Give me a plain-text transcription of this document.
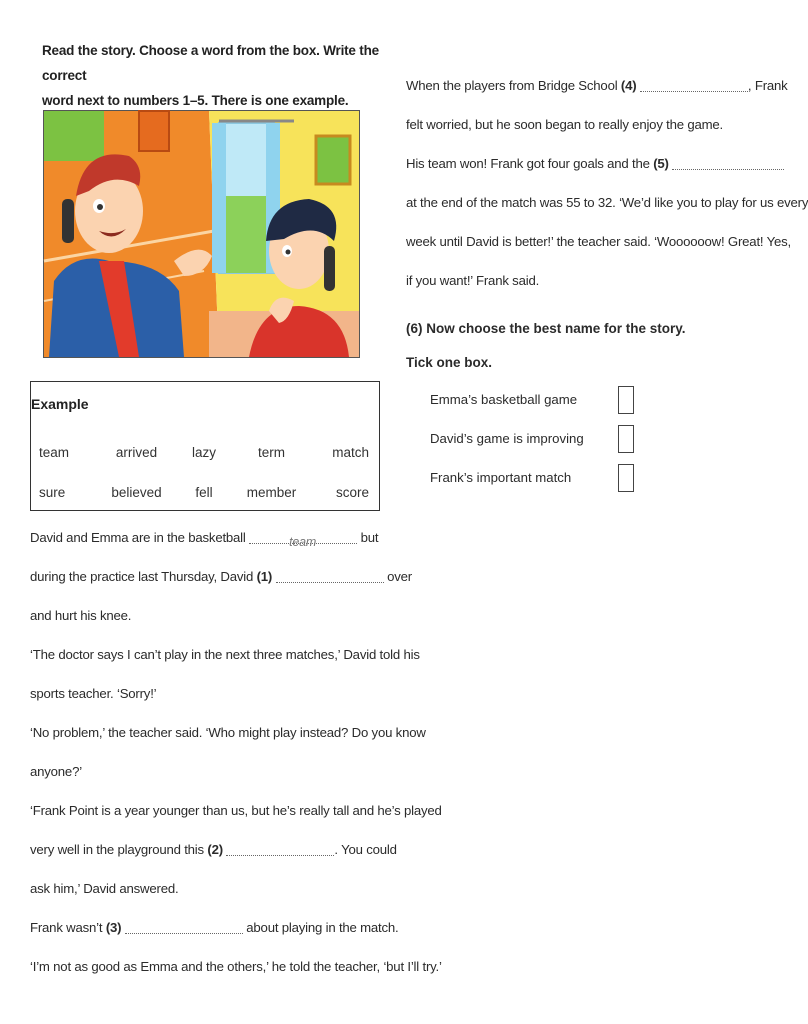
Read the story. Choose a word from the box. Write the correct
word next to numbers 1–5. There is one example.

Example
team	arrived	lazy	term	match
sure	believed	fell	member	score
David and Emma are in the basketball	team	but
during the practice last Thursday, David (1)	over
and hurt his knee.
‘The doctor says I can’t play in the next three matches,’ David told his
sports teacher. ‘Sorry!’
‘No problem,’ the teacher said. ‘Who might play instead? Do you know
anyone?’
‘Frank Point is a year younger than us, but he’s really tall and he’s played
very well in the playground this (2)	. You could
ask him,’ David answered.
Frank wasn’t (3)	about playing in the match.
‘I’m not as good as Emma and the others,’ he told the teacher, ‘but I’ll try.’
When the players from Bridge School (4)	, Frank
felt worried, but he soon began to really enjoy the game.
His team won! Frank got four goals and the (5)
at the end of the match was 55 to 32. ‘We’d like you to play for us every
week until David is better!’ the teacher said. ‘Woooooow! Great! Yes,
if you want!’ Frank said.
(6) Now choose the best name for the story.
Tick one box.
Emma’s basketball game
David’s game is improving
Frank’s important match
